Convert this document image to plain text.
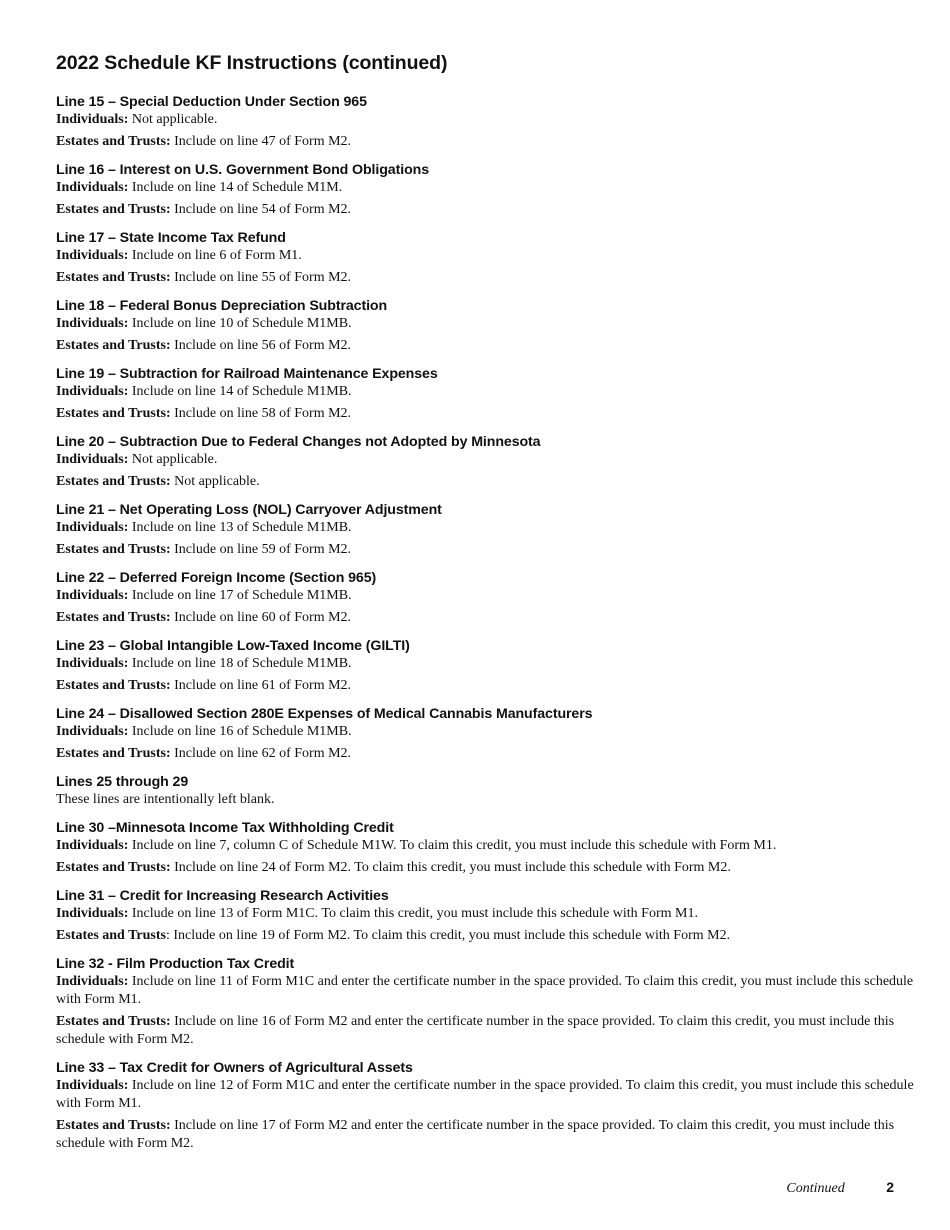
2022 Schedule KF Instructions (continued)

Line 15 – Special Deduction Under Section 965

Individuals: Not applicable.

Estates and Trusts: Include on line 47 of Form M2.

Line 16 – Interest on U.S. Government Bond Obligations

Individuals: Include on line 14 of Schedule M1M.

Estates and Trusts: Include on line 54 of Form M2.

Line 17 – State Income Tax Refund

Individuals: Include on line 6 of Form M1.

Estates and Trusts: Include on line 55 of Form M2.

Line 18 – Federal Bonus Depreciation Subtraction

Individuals: Include on line 10 of Schedule M1MB.

Estates and Trusts: Include on line 56 of Form M2.

Line 19 – Subtraction for Railroad Maintenance Expenses

Individuals: Include on line 14 of Schedule M1MB.

Estates and Trusts: Include on line 58 of Form M2.

Line 20 – Subtraction Due to Federal Changes not Adopted by Minnesota

Individuals: Not applicable.

Estates and Trusts: Not applicable.

Line 21 – Net Operating Loss (NOL) Carryover Adjustment

Individuals: Include on line 13 of Schedule M1MB.

Estates and Trusts: Include on line 59 of Form M2.

Line 22 – Deferred Foreign Income (Section 965)

Individuals: Include on line 17 of Schedule M1MB.

Estates and Trusts: Include on line 60 of Form M2.

Line 23 – Global Intangible Low-Taxed Income (GILTI)

Individuals: Include on line 18 of Schedule M1MB.

Estates and Trusts: Include on line 61 of Form M2.

Line 24 – Disallowed Section 280E Expenses of Medical Cannabis Manufacturers

Individuals: Include on line 16 of Schedule M1MB.

Estates and Trusts: Include on line 62 of Form M2.

Lines 25 through 29

These lines are intentionally left blank.

Line 30 –Minnesota Income Tax Withholding Credit

Individuals: Include on line 7, column C of Schedule M1W. To claim this credit, you must include this schedule with Form M1.

Estates and Trusts: Include on line 24 of Form M2. To claim this credit, you must include this schedule with Form M2.

Line 31 – Credit for Increasing Research Activities

Individuals: Include on line 13 of Form M1C. To claim this credit, you must include this schedule with Form M1.

Estates and Trusts: Include on line 19 of Form M2. To claim this credit, you must include this schedule with Form M2.

Line 32 - Film Production Tax Credit

Individuals: Include on line 11 of Form M1C and enter the certificate number in the space provided. To claim this credit, you must include this schedule with Form M1.

Estates and Trusts: Include on line 16 of Form M2 and enter the certificate number in the space provided. To claim this credit, you must include this schedule with Form M2.

Line 33 – Tax Credit for Owners of Agricultural Assets

Individuals: Include on line 12 of Form M1C and enter the certificate number in the space provided. To claim this credit, you must include this schedule with Form M1.

Estates and Trusts: Include on line 17 of Form M2 and enter the certificate number in the space provided. To claim this credit, you must include this schedule with Form M2.

Continued	2
